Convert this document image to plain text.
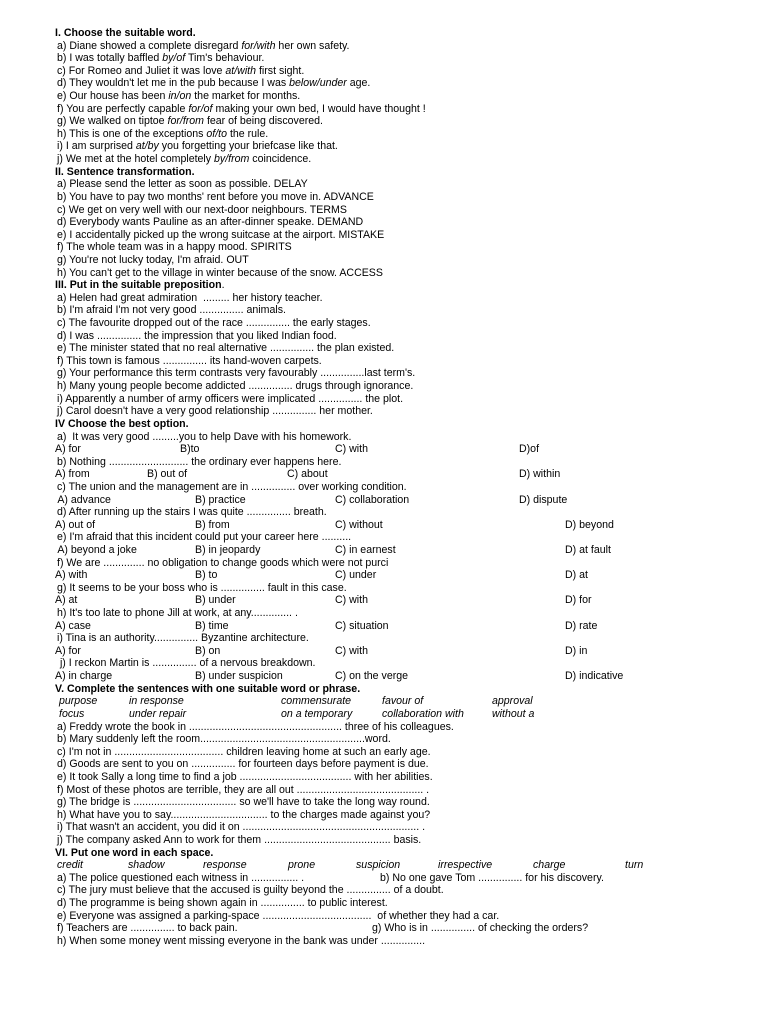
I. Choose the suitable word.
a) Diane showed a complete disregard for/with her own safety.
b) I was totally baffled by/of Tim's behaviour.
c) For Romeo and Juliet it was love at/with first sight.
d) They wouldn't let me in the pub because I was below/under age.
e) Our house has been in/on the market for months.
f) You are perfectly capable for/of making your own bed, I would have thought !
g) We walked on tiptoe for/from fear of being discovered.
h) This is one of the exceptions of/to the rule.
i) I am surprised at/by you forgetting your briefcase like that.
j) We met at the hotel completely by/from coincidence.
II. Sentence transformation.
a) Please send the letter as soon as possible. DELAY
b) You have to pay two months' rent before you move in. ADVANCE
c) We get on very well with our next-door neighbours. TERMS
d) Everybody wants Pauline as an after-dinner speake. DEMAND
e) I accidentally picked up the wrong suitcase at the airport. MISTAKE
f) The whole team was in a happy mood. SPIRITS
g) You're not lucky today, I'm afraid. OUT
h) You can't get to the village in winter because of the snow. ACCESS
III. Put in the suitable preposition.
a) Helen had great admiration  ......... her history teacher.
b) I'm afraid I'm not very good ............... animals.
c) The favourite dropped out of the race ............... the early stages.
d) I was ............... the impression that you liked Indian food.
e) The minister stated that no real alternative ............... the plan existed.
f) This town is famous ............... its hand-woven carpets.
g) Your performance this term contrasts very favourably ...............last term's.
h) Many young people become addicted ............... drugs through ignorance.
i) Apparently a number of army officers were implicated ............... the plot.
j) Carol doesn't have a very good relationship ............... her mother.
IV Choose the best option.
a)  It was very good .........you to help Dave with his homework.
A) for	B)to	C) with	D)of
b) Nothing ........................... the ordinary ever happens here.
A) from	B) out of	C) about	D) within
c) The union and the management are in ............... over working condition.
A) advance	B) practice	C) collaboration	D) dispute
d) After running up the stairs I was quite ............... breath.
A) out of	B) from	C) without	D) beyond
e) I'm afraid that this incident could put your career here ..........
A) beyond a joke	B) in jeopardy	C) in earnest	D) at fault
f) We are .............. no obligation to change goods which were not purci
A) with	B) to	C) under	D) at
g) It seems to be your boss who is ............... fault in this case.
A) at	B) under	C) with	D) for
h) It's too late to phone Jill at work, at any.............. .
A) case	B) time	C) situation	D) rate
i) Tina is an authority............... Byzantine architecture.
A) for	B) on	C) with	D) in
j) I reckon Martin is ............... of a nervous breakdown.
A) in charge	B) under suspicion	C) on the verge	D) indicative
V. Complete the sentences with one suitable word or phrase.
purpose	in response	commensurate	favour of	approval
focus	under repair	on a temporary	collaboration with	without a
a) Freddy wrote the book in .................................................... three of his colleagues.
b) Mary suddenly left the room........................................................word.
c) I'm not in ..................................... children leaving home at such an early age.
d) Goods are sent to you on ............... for fourteen days before payment is due.
e) It took Sally a long time to find a job ...................................... with her abilities.
f) Most of these photos are terrible, they are all out ........................................... .
g) The bridge is ................................... so we'll have to take the long way round.
h) What have you to say................................. to the charges made against you?
i) That wasn't an accident, you did it on ............................................................ .
j) The company asked Ann to work for them ........................................... basis.
VI. Put one word in each space.
credit	shadow	response	prone	suspicion	irrespective	charge	turn

a) The police questioned each witness in ................ .

	b) No one gave Tom ............... for his discovery.

c) The jury must believe that the accused is guilty beyond the ............... of a doubt.
d) The programme is being shown again in ............... to public interest.
e) Everyone was assigned a parking-space .....................................  of whether they had a car.

f) Teachers are ............... to back pain.

	g) Who is in ............... of checking the orders?

h) When some money went missing everyone in the bank was under ...............
